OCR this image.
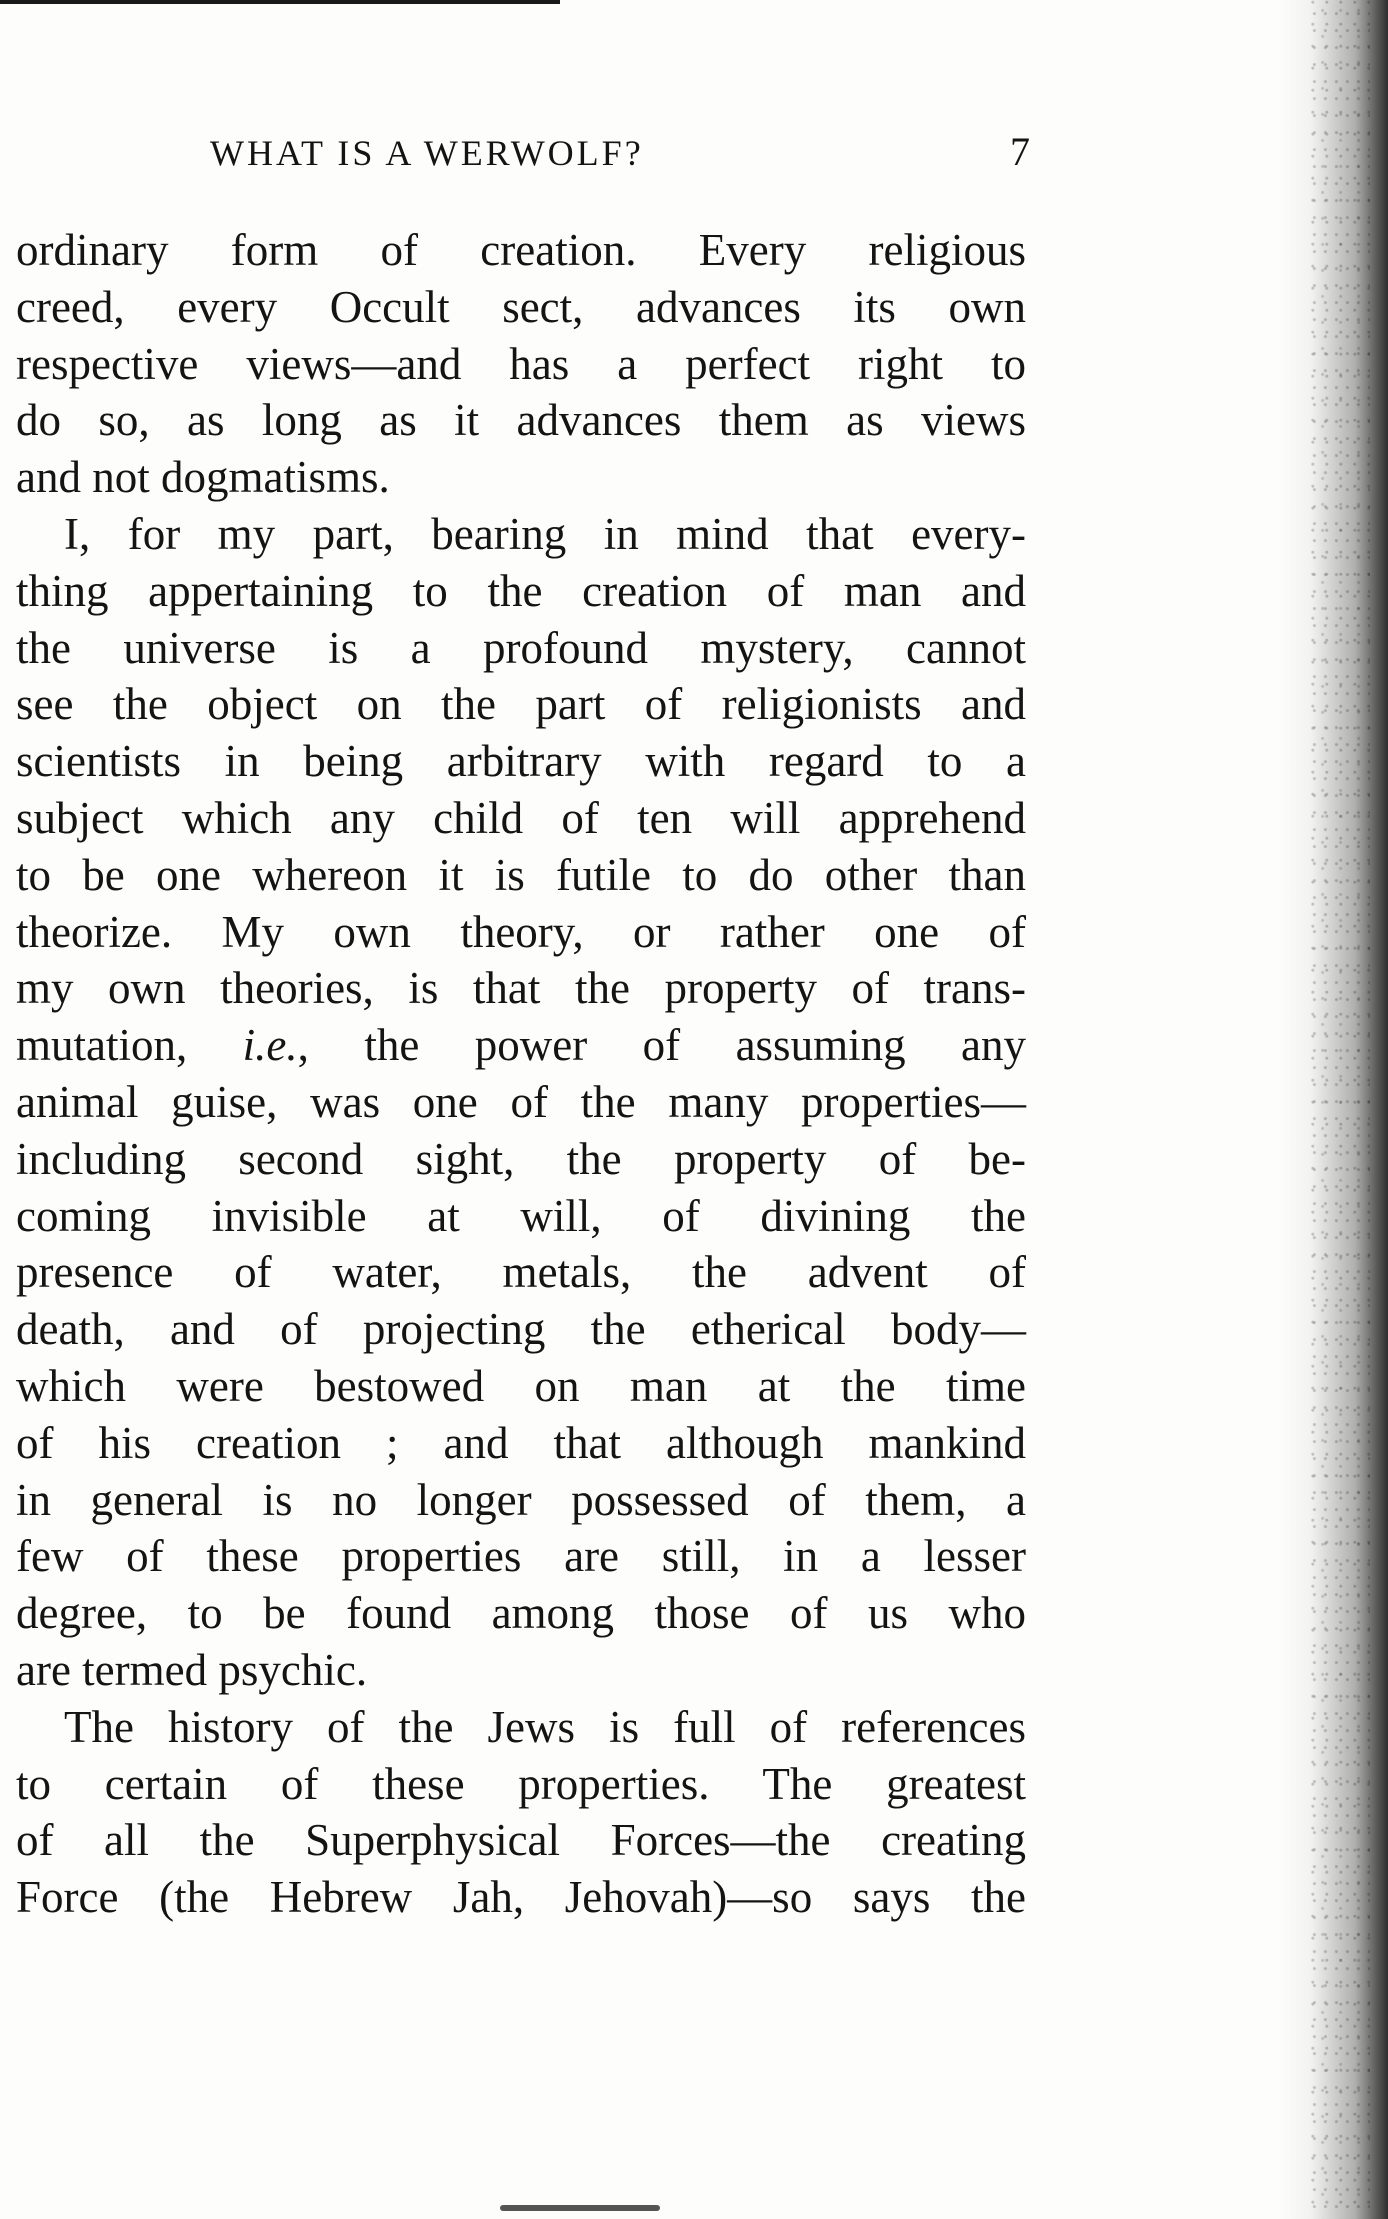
WHAT IS A WERWOLF?	7
ordinary form of creation. Every religious
creed, every Occult sect, advances its own
respective views—and has a perfect right to
do so, as long as it advances them as views
and not dogmatisms.
I, for my part, bearing in mind that every-
thing appertaining to the creation of man and
the universe is a profound mystery, cannot
see the object on the part of religionists and
scientists in being arbitrary with regard to a
subject which any child of ten will apprehend
to be one whereon it is futile to do other than
theorize. My own theory, or rather one of
my own theories, is that the property of trans-
mutation, i.e., the power of assuming any
animal guise, was one of the many properties—
including second sight, the property of be-
coming invisible at will, of divining the
presence of water, metals, the advent of
death, and of projecting the etherical body—
which were bestowed on man at the time
of his creation ; and that although mankind
in general is no longer possessed of them, a
few of these properties are still, in a lesser
degree, to be found among those of us who
are termed psychic.
The history of the Jews is full of references
to certain of these properties. The greatest
of all the Superphysical Forces—the creating
Force (the Hebrew Jah, Jehovah)—so says the
